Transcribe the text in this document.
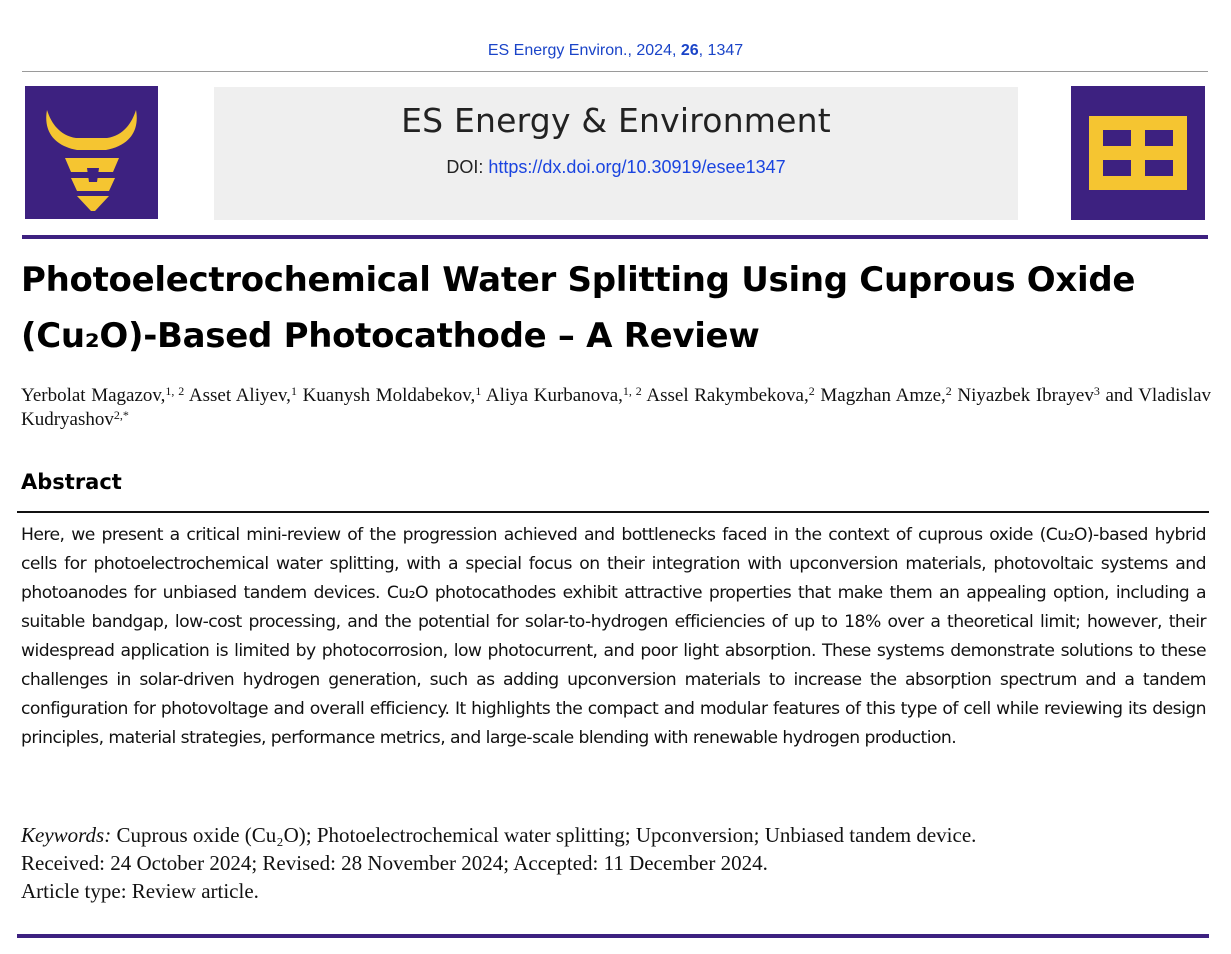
ES Energy Environ., 2024, 26, 1347
ES Energy & Environment
DOI: https://dx.doi.org/10.30919/esee1347
Photoelectrochemical Water Splitting Using Cuprous Oxide
(Cu₂O)-Based Photocathode – A Review
Yerbolat Magazov,$^{1, 2}$ Asset Aliyev,$^1$ Kuanysh Moldabekov,$^1$ Aliya Kurbanova,$^{1, 2}$ Assel Rakymbekova,$^2$ Magzhan Amze,$^2$ Niyazbek Ibrayev$^3$ and Vladislav Kudryashov$^{2,*}$
Abstract
Here, we present a critical mini-review of the progression achieved and bottlenecks faced in the context of cuprous oxide (Cu₂O)-based hybrid cells for photoelectrochemical water splitting, with a special focus on their integration with upconversion materials, photovoltaic systems and photoanodes for unbiased tandem devices. Cu₂O photocathodes exhibit attractive properties that make them an appealing option, including a suitable bandgap, low-cost processing, and the potential for solar-to-hydrogen efficiencies of up to 18% over a theoretical limit; however, their widespread application is limited by photocorrosion, low photocurrent, and poor light absorption. These systems demonstrate solutions to these challenges in solar-driven hydrogen generation, such as adding upconversion materials to increase the absorption spectrum and a tandem configuration for photovoltage and overall efficiency. It highlights the compact and modular features of this type of cell while reviewing its design principles, material strategies, performance metrics, and large-scale blending with renewable hydrogen production.
Keywords: Cuprous oxide (Cu₂O); Photoelectrochemical water splitting; Upconversion; Unbiased tandem device.
Received: 24 October 2024; Revised: 28 November 2024; Accepted: 11 December 2024.
Article type: Review article.
